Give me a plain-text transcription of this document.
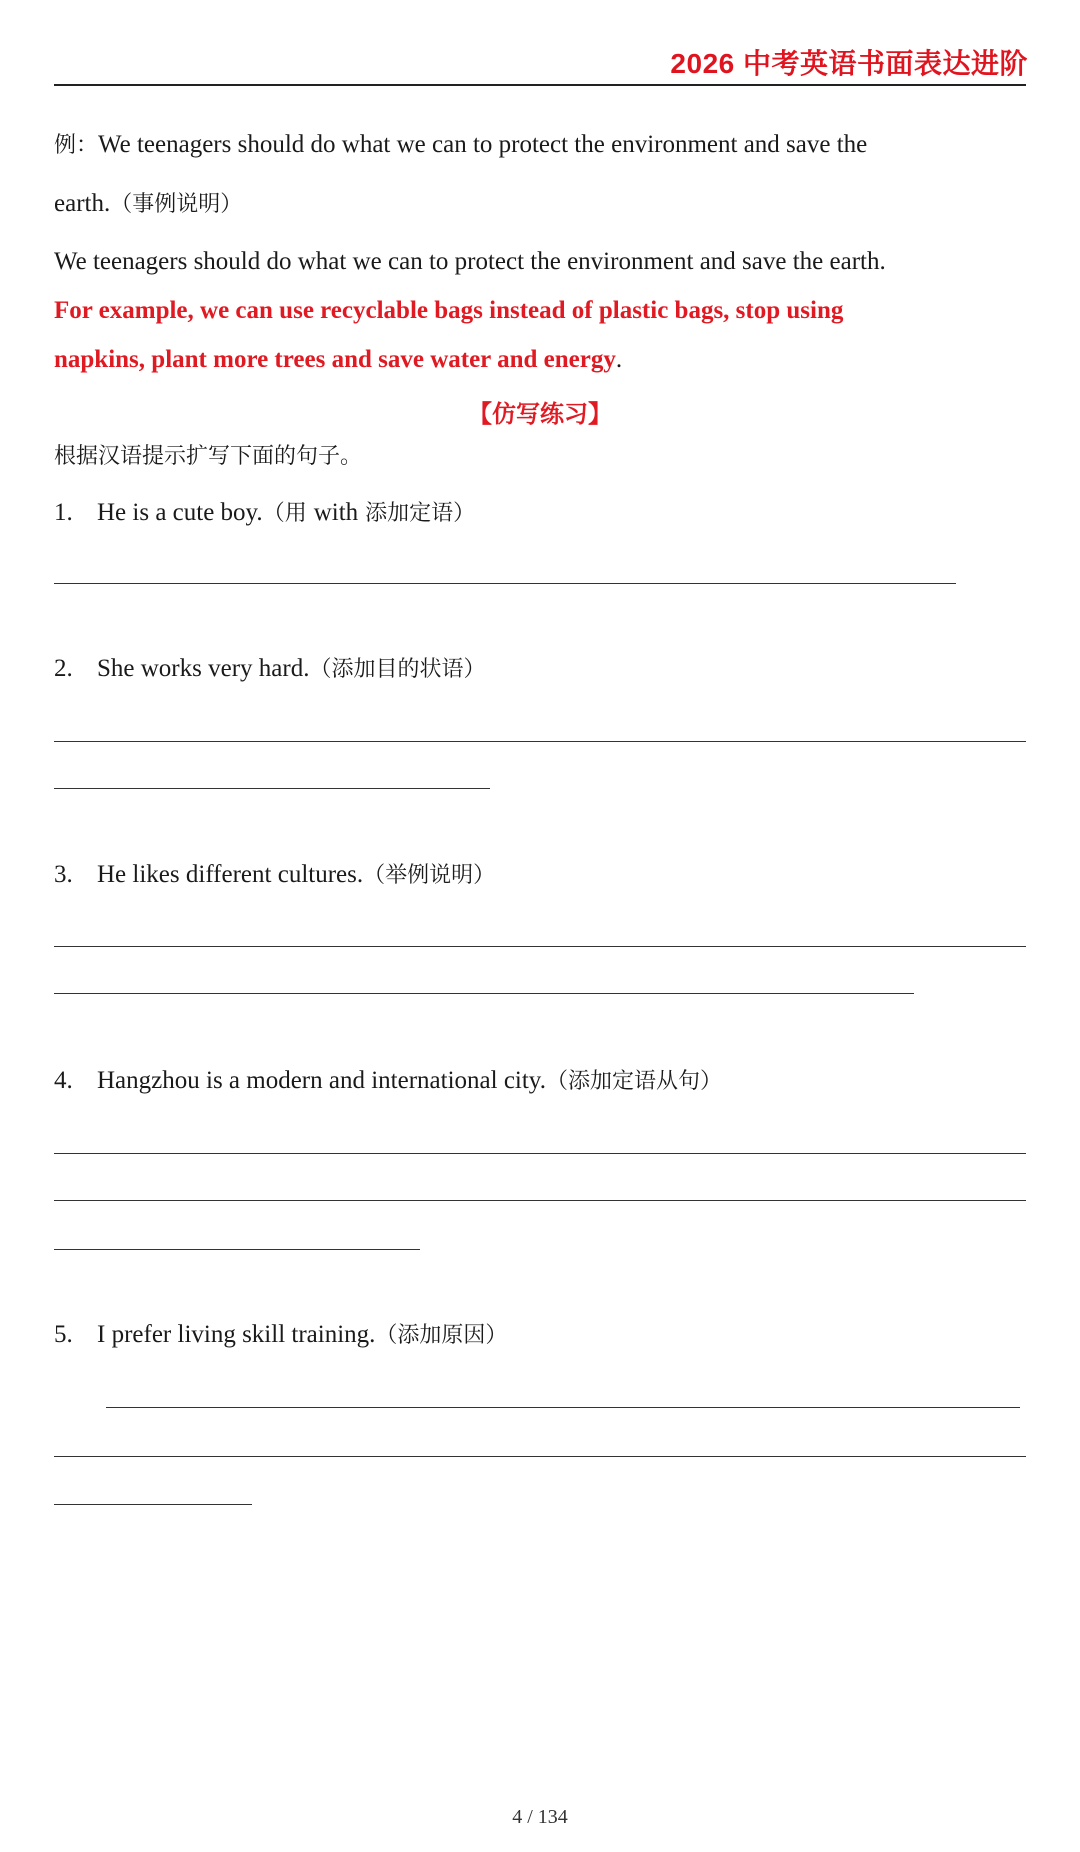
2026 中考英语书面表达进阶
例：We teenagers should do what we can to protect the environment and save the
earth.（事例说明）
We teenagers should do what we can to protect the environment and save the earth.
For example, we can use recyclable bags instead of plastic bags, stop using
napkins, plant more trees and save water and energy.
【仿写练习】
根据汉语提示扩写下面的句子。
1. He is a cute boy.（用 with 添加定语）
2. She works very hard.（添加目的状语）
3. He likes different cultures.（举例说明）
4. Hangzhou is a modern and international city.（添加定语从句）
5. I prefer living skill training.（添加原因）
4 / 134
